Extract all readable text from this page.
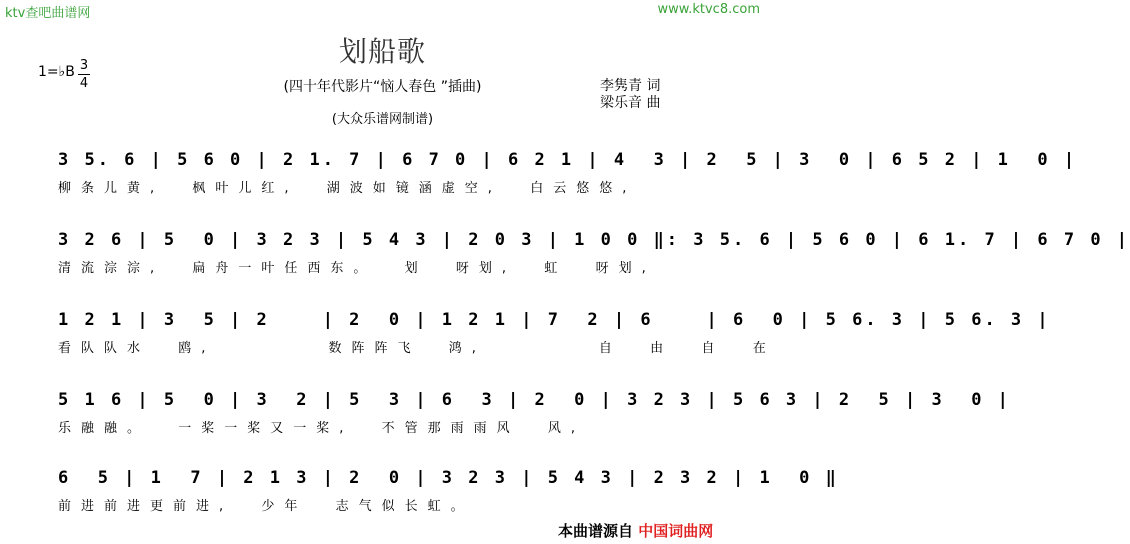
ktv查吧曲谱网	www.ktvc8.com
划船歌
(四十年代影片“恼人春色 ”插曲)
(大众乐谱网制谱)
1=♭B 3
4	李隽青 词
梁乐音 曲
3 5. 6 | 5 6 0 | 2 1. 7 | 6 7 0 | 6 2 1 | 4  3 | 2  5 | 3  0 | 6 5 2 | 1  0 |
柳条儿黄,  枫叶儿红,  湖波如镜涵虚空,  白云悠悠,
3 2 6 | 5  0 | 3 2 3 | 5 4 3 | 2 0 3 | 1 0 0 ‖: 3 5. 6 | 5 6 0 | 6 1. 7 | 6 7 0 |
清流淙淙,  扁舟一叶任西东。  划  呀划,  虹  呀划,
1 2 1 | 3  5 | 2    | 2  0 | 1 2 1 | 7  2 | 6    | 6  0 | 5 6. 3 | 5 6. 3 |
看队队水  鸥,        数阵阵飞  鸿,        自  由  自  在
5 1 6 | 5  0 | 3  2 | 5  3 | 6  3 | 2  0 | 3 2 3 | 5 6 3 | 2  5 | 3  0 |
乐融融。  一桨一桨又一桨,  不管那雨雨风  风,
6  5 | 1  7 | 2 1 3 | 2  0 | 3 2 3 | 5 4 3 | 2 3 2 | 1  0 ‖
前进前进更前进,  少年  志气似长虹。
本曲谱源自 中国词曲网
